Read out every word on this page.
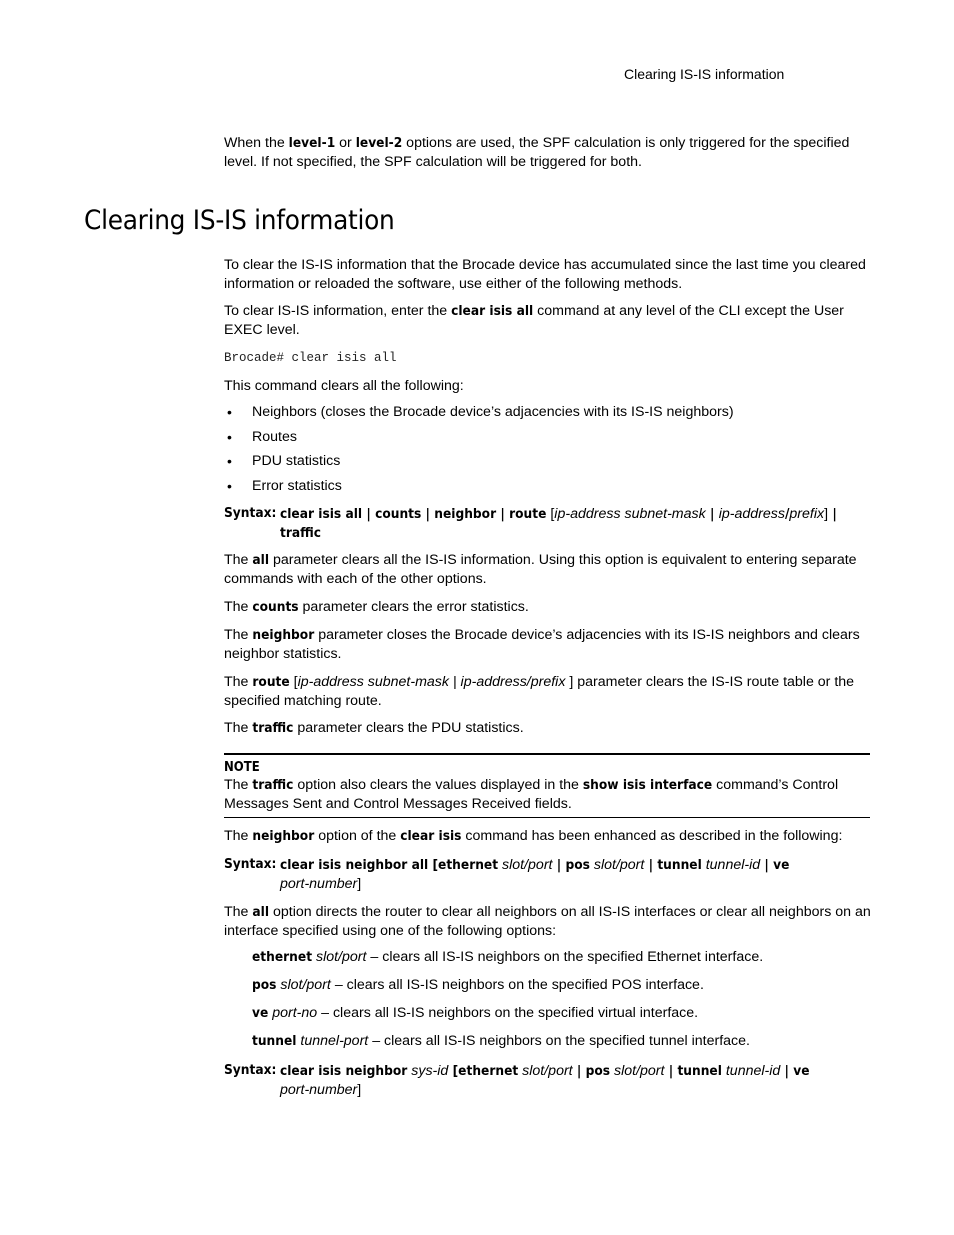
Clearing IS-IS information

When the level-1 or level-2 options are used, the SPF calculation is only triggered for the specified level. If not specified, the SPF calculation will be triggered for both.

Clearing IS-IS information

To clear the IS-IS information that the Brocade device has accumulated since the last time you cleared information or reloaded the software, use either of the following methods.

To clear IS-IS information, enter the clear isis all command at any level of the CLI except the User EXEC level.

Brocade# clear isis all

This command clears all the following:

• Neighbors (closes the Brocade device’s adjacencies with its IS-IS neighbors)
• Routes
• PDU statistics
• Error statistics
Syntax: clear isis all | counts | neighbor | route [ip-address subnet-mask | ip-address/prefix] |
traffic

The all parameter clears all the IS-IS information. Using this option is equivalent to entering separate commands with each of the other options.

The counts parameter clears the error statistics.

The neighbor parameter closes the Brocade device’s adjacencies with its IS-IS neighbors and clears neighbor statistics.

The route [ip-address subnet-mask | ip-address/prefix ] parameter clears the IS-IS route table or the specified matching route.

The traffic parameter clears the PDU statistics.

NOTE

The traffic option also clears the values displayed in the show isis interface command’s Control Messages Sent and Control Messages Received fields.

The neighbor option of the clear isis command has been enhanced as described in the following:

Syntax: clear isis neighbor all [ethernet slot/port | pos slot/port | tunnel tunnel-id | ve
port-number]

The all option directs the router to clear all neighbors on all IS-IS interfaces or clear all neighbors on an interface specified using one of the following options:

ethernet slot/port – clears all IS-IS neighbors on the specified Ethernet interface.
pos slot/port – clears all IS-IS neighbors on the specified POS interface.
ve port-no – clears all IS-IS neighbors on the specified virtual interface.
tunnel tunnel-port – clears all IS-IS neighbors on the specified tunnel interface.
Syntax: clear isis neighbor sys-id [ethernet slot/port | pos slot/port | tunnel tunnel-id | ve
port-number]
